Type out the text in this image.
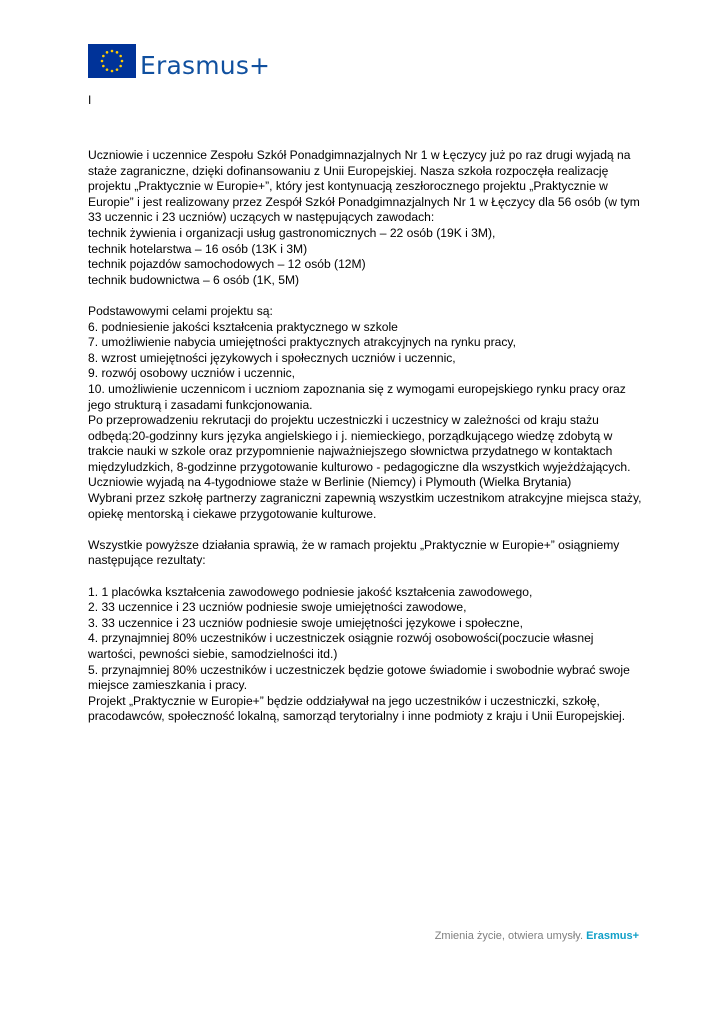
Erasmus+
I

Uczniowie i uczennice Zespołu Szkół Ponadgimnazjalnych Nr 1 w Łęczycy już po raz drugi wyjadą na staże zagraniczne, dzięki dofinansowaniu z Unii Europejskiej. Nasza szkoła rozpoczęła realizację projektu „Praktycznie w Europie+”, który jest kontynuacją zeszłorocznego projektu „Praktycznie w Europie” i jest realizowany przez Zespół Szkół Ponadgimnazjalnych Nr 1 w Łęczycy dla 56 osób (w tym 33 uczennic i 23 uczniów) uczących w następujących zawodach:

technik żywienia i organizacji usług gastronomicznych – 22 osób (19K i 3M),

technik hotelarstwa – 16 osób (13K i 3M)

technik pojazdów samochodowych – 12 osób (12M)

technik budownictwa – 6 osób (1K, 5M)

Podstawowymi celami projektu są:

6. podniesienie jakości kształcenia praktycznego w szkole

7. umożliwienie nabycia umiejętności praktycznych atrakcyjnych na rynku pracy,

8. wzrost umiejętności językowych i społecznych uczniów i uczennic,

9. rozwój osobowy uczniów i uczennic,

10. umożliwienie uczennicom i uczniom zapoznania się z wymogami europejskiego rynku pracy oraz jego strukturą i zasadami funkcjonowania.

Po przeprowadzeniu rekrutacji do projektu uczestniczki i uczestnicy w zależności od kraju stażu odbędą:20-godzinny kurs języka angielskiego i j. niemieckiego, porządkującego wiedzę zdobytą w trakcie nauki w szkole oraz przypomnienie najważniejszego słownictwa przydatnego w kontaktach międzyludzkich, 8-godzinne przygotowanie kulturowo - pedagogiczne dla wszystkich wyjeżdżających.

Uczniowie wyjadą na 4-tygodniowe staże w Berlinie (Niemcy) i Plymouth (Wielka Brytania)

Wybrani przez szkołę partnerzy zagraniczni zapewnią wszystkim uczestnikom atrakcyjne miejsca staży, opiekę mentorską i ciekawe przygotowanie kulturowe.

Wszystkie powyższe działania sprawią, że w ramach projektu „Praktycznie w Europie+” osiągniemy następujące rezultaty:

1. 1 placówka kształcenia zawodowego podniesie jakość kształcenia zawodowego,

2. 33 uczennice i 23 uczniów podniesie swoje umiejętności zawodowe,

3. 33 uczennice i 23 uczniów podniesie swoje umiejętności językowe i społeczne,

4. przynajmniej 80% uczestników i uczestniczek osiągnie rozwój osobowości(poczucie własnej wartości, pewności siebie, samodzielności itd.)

5. przynajmniej 80% uczestników i uczestniczek będzie gotowe świadomie i swobodnie wybrać swoje miejsce zamieszkania i pracy.

Projekt „Praktycznie w Europie+” będzie oddziaływał na jego uczestników i uczestniczki, szkołę, pracodawców, społeczność lokalną, samorząd terytorialny i inne podmioty z kraju i Unii Europejskiej.

Zmienia życie, otwiera umysły. Erasmus+
